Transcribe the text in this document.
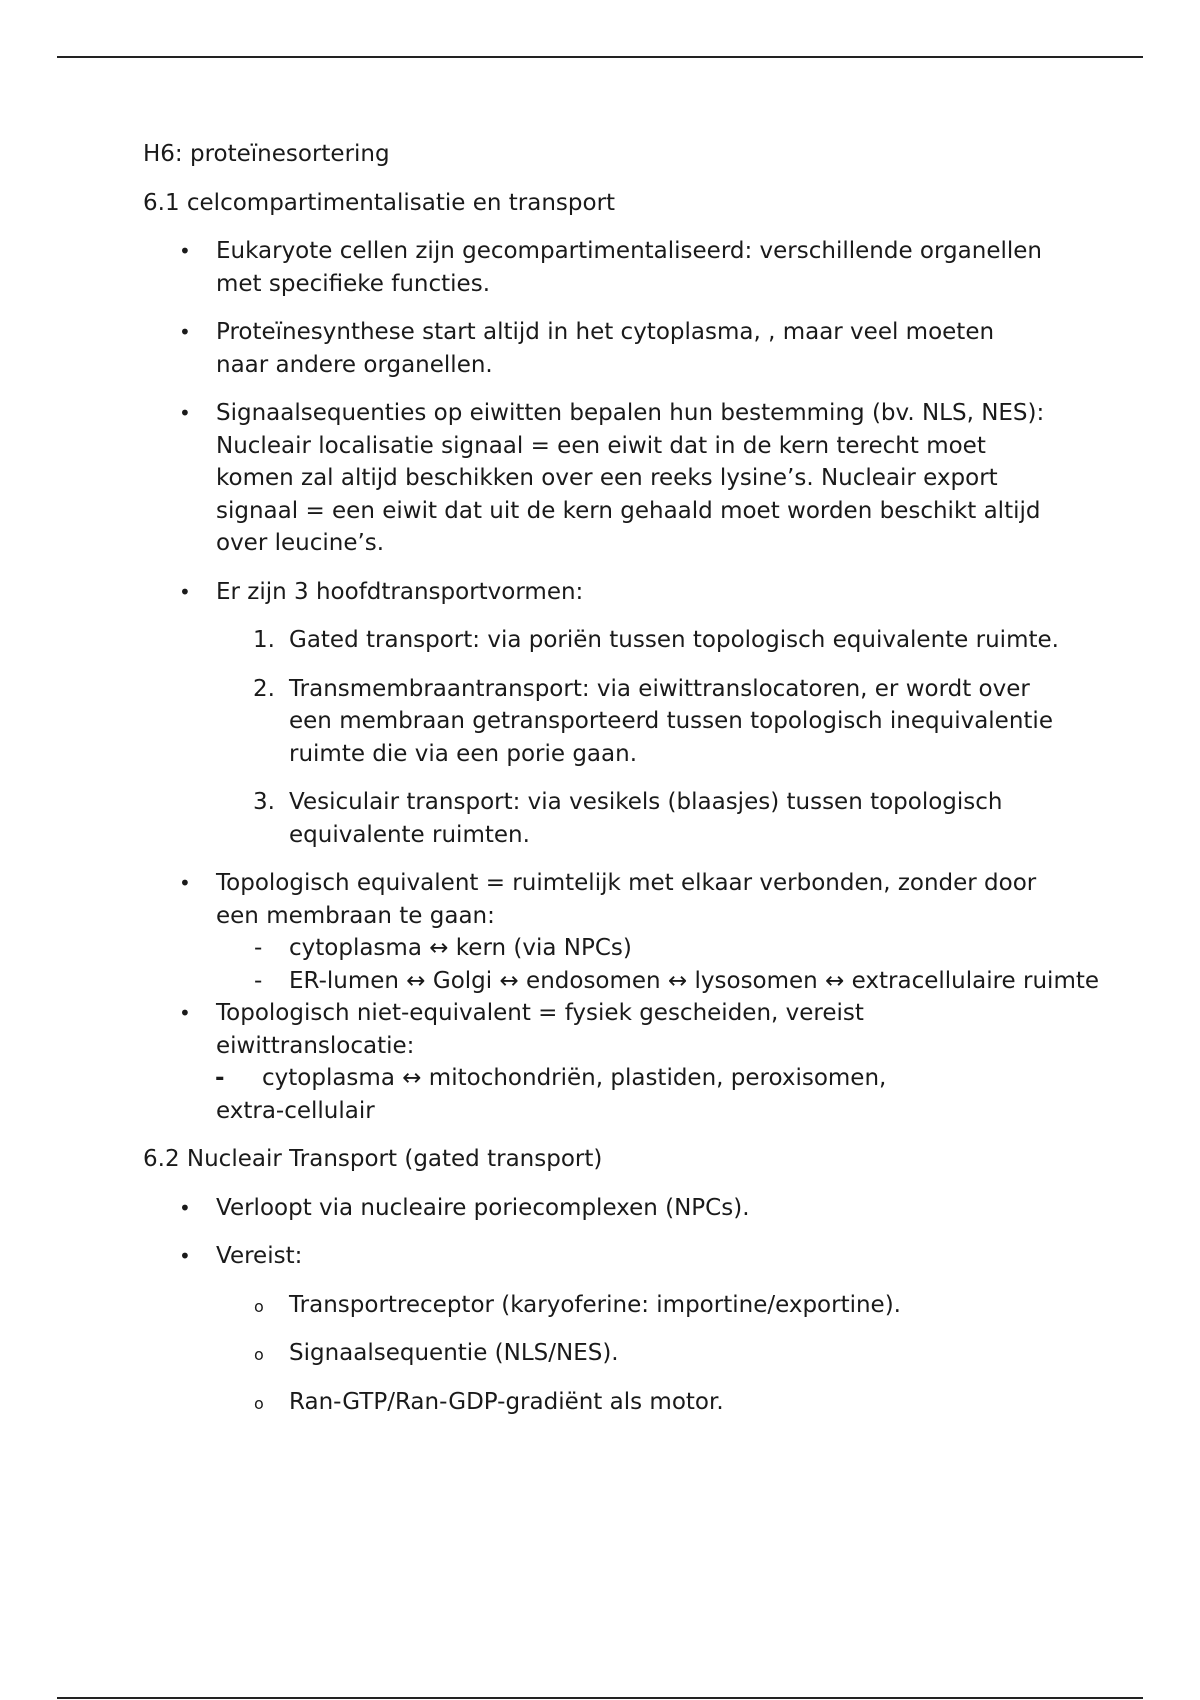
H6: proteïnesortering
6.1 celcompartimentalisatie en transport
• Eukaryote cellen zijn gecompartimentaliseerd: verschillende organellen met specifieke functies.
• Proteïnesynthese start altijd in het cytoplasma, , maar veel moeten naar andere organellen.
• Signaalsequenties op eiwitten bepalen hun bestemming (bv. NLS, NES): Nucleair localisatie signaal = een eiwit dat in de kern terecht moet komen zal altijd beschikken over een reeks lysine’s. Nucleair export signaal = een eiwit dat uit de kern gehaald moet worden beschikt altijd over leucine’s.
• Er zijn 3 hoofdtransportvormen:
1. Gated transport: via poriën tussen topologisch equivalente ruimte.
2. Transmembraantransport: via eiwittranslocatoren, er wordt over een membraan getransporteerd tussen topologisch inequivalentie ruimte die via een porie gaan.
3. Vesiculair transport: via vesikels (blaasjes) tussen topologisch equivalente ruimten.
• Topologisch equivalent = ruimtelijk met elkaar verbonden, zonder door een membraan te gaan:
- cytoplasma ↔ kern (via NPCs)
- ER-lumen ↔ Golgi ↔ endosomen ↔ lysosomen ↔ extracellulaire ruimte
• Topologisch niet-equivalent = fysiek gescheiden, vereist eiwittranslocatie:
- cytoplasma ↔ mitochondriën, plastiden, peroxisomen,
extra-cellulair
6.2 Nucleair Transport (gated transport)
• Verloopt via nucleaire poriecomplexen (NPCs).
• Vereist:
o Transportreceptor (karyoferine: importine/exportine).
o Signaalsequentie (NLS/NES).
o Ran-GTP/Ran-GDP-gradiënt als motor.
